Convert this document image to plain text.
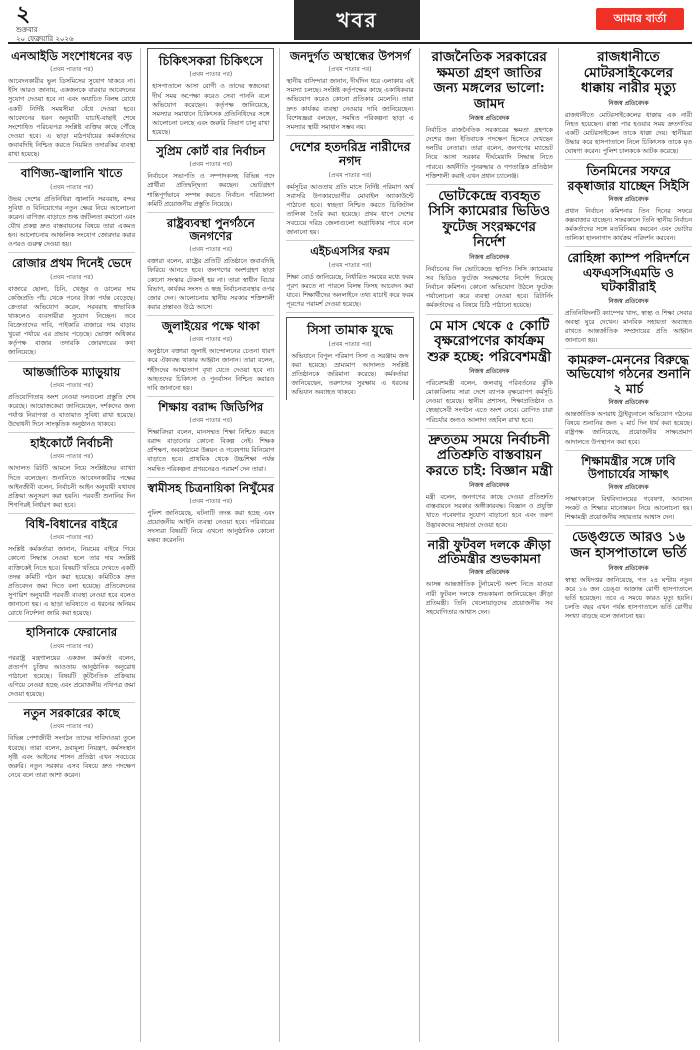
২
শুক্রবার
২০ ফেব্রুয়ারি ২০২৬
খবর	আমার বার্তা
এনআইডি সংশোধনের বড়
(প্রথম পাতার পর)
আবেদনকারীর ভুল ডিসমিসের সুযোগ থাকবে না। ইসি আরও জানায়, একজনকে বারবার আবেদনের সুযোগ দেওয়া হবে না এবং অযাচিত বিলম্ব রোধে একটি নির্দিষ্ট সময়সীমা বেঁধে দেওয়া হবে। আবেদনের ধরন অনুযায়ী যাচাই-বাছাই শেষে সংশোধিত পরিচয়পত্র সংশ্লিষ্ট ব্যক্তির কাছে পৌঁছে দেওয়া হবে। এ ছাড়া মাঠপর্যায়ের কর্মকর্তাদের জবাবদিহি নিশ্চিত করতে নিয়মিত তদারকির ব্যবস্থা রাখা হয়েছে।
বাণিজ্য-জ্বালানি খাতে
(প্রথম পাতার পর)
উভয় দেশের প্রতিনিধিরা জ্বালানি সরবরাহ, বন্দর সুবিধা ও বিনিয়োগের নতুন ক্ষেত্র নিয়ে আলোচনা করেন। বাণিজ্য বাড়াতে শুল্ক জটিলতা কমানো এবং যৌথ প্রকল্প দ্রুত বাস্তবায়নের বিষয়ে তারা একমত হন। আলোচনায় আঞ্চলিক সংযোগ জোরদার করার ওপরও গুরুত্ব দেওয়া হয়।
রোজার প্রথম দিনেই ভেদে
(প্রথম পাতার পর)
বাজারে ছোলা, চিনি, খেজুর ও ডালের দাম কেজিপ্রতি পাঁচ থেকে পনের টাকা পর্যন্ত বেড়েছে। ক্রেতারা অভিযোগ করেন, সরবরাহ স্বাভাবিক থাকলেও ব্যবসায়ীরা সুযোগ নিচ্ছেন। তবে বিক্রেতাদের দাবি, পাইকারি বাজারে দাম বাড়ায় খুচরা পর্যায়ে এর প্রভাব পড়েছে। ভোক্তা অধিকার কর্তৃপক্ষ বাজার তদারকি জোরদারের কথা জানিয়েছে।
আন্তর্জাতিক ম্যাড়ুয়ায়
(প্রথম পাতার পর)
প্রতিযোগিতায় অংশ নেওয়া দলগুলো প্রস্তুতি শেষ করেছে। আয়োজকেরা জানিয়েছেন, দর্শকদের জন্য পর্যাপ্ত নিরাপত্তা ও যাতায়াত সুবিধা রাখা হয়েছে। উদ্বোধনী দিনে সাংস্কৃতিক অনুষ্ঠানও থাকবে।
হাইকোর্টে নির্বাচনী
(প্রথম পাতার পর)
আদালত রিটটি আমলে নিয়ে সংশ্লিষ্টদের ব্যাখ্যা দিতে বলেছেন। শুনানিতে আবেদনকারীর পক্ষের আইনজীবী বলেন, নির্বাচনী আইন অনুযায়ী যথাযথ প্রক্রিয়া অনুসরণ করা হয়নি। পরবর্তী শুনানির দিন শিগগিরই নির্ধারণ করা হবে।
বিধি-বিধানের বাইরে
(প্রথম পাতার পর)
সংশ্লিষ্ট কর্মকর্তারা জানান, নিয়মের বাইরে গিয়ে কোনো সিদ্ধান্ত নেওয়া হলে তার দায় সংশ্লিষ্ট ব্যক্তিকেই নিতে হবে। বিষয়টি খতিয়ে দেখতে একটি তদন্ত কমিটি গঠন করা হয়েছে। কমিটিকে দ্রুত প্রতিবেদন জমা দিতে বলা হয়েছে। প্রতিবেদনের সুপারিশ অনুযায়ী পরবর্তী ব্যবস্থা নেওয়া হবে বলেও জানানো হয়। এ ছাড়া ভবিষ্যতে এ ধরনের অনিয়ম রোধে নির্দেশনা জারি করা হয়েছে।
হাসিনাকে ফেরানোর
(প্রথম পাতার পর)
পররাষ্ট্র মন্ত্রণালয়ের একজন কর্মকর্তা বলেন, প্রত্যর্পণ চুক্তির আওতায় আনুষ্ঠানিক অনুরোধ পাঠানো হয়েছে। বিষয়টি কূটনৈতিক প্রক্রিয়ায় এগিয়ে নেওয়া হচ্ছে এবং প্রয়োজনীয় নথিপত্র জমা দেওয়া হয়েছে।
নতুন সরকারের কাছে
(প্রথম পাতার পর)
বিভিন্ন পেশাজীবী সংগঠন তাদের দাবিদাওয়া তুলে ধরেছে। তারা বলেন, দ্রব্যমূল্য নিয়ন্ত্রণ, কর্মসংস্থান সৃষ্টি এবং আইনের শাসন প্রতিষ্ঠা এখন সবচেয়ে জরুরি। নতুন সরকার এসব বিষয়ে দ্রুত পদক্ষেপ নেবে বলে তারা আশা করেন।
চিকিৎসকরা চিকিৎসে
(প্রথম পাতার পর)
হাসপাতালে আসা রোগী ও তাদের স্বজনেরা দীর্ঘ সময় অপেক্ষা করেও সেবা পাননি বলে অভিযোগ করেছেন। কর্তৃপক্ষ জানিয়েছে, সমস্যার সমাধানে চিকিৎসক প্রতিনিধিদের সঙ্গে আলোচনা চলছে এবং জরুরি বিভাগ চালু রাখা হয়েছে।
সুপ্রিম কোর্ট বার নির্বাচন
(প্রথম পাতার পর)
নির্বাচনে সভাপতি ও সম্পাদকসহ বিভিন্ন পদে প্রার্থীরা প্রতিদ্বন্দ্বিতা করছেন। ভোটগ্রহণ শান্তিপূর্ণভাবে সম্পন্ন করতে নির্বাচন পরিচালনা কমিটি প্রয়োজনীয় প্রস্তুতি নিয়েছে।
রাষ্ট্রব্যবস্থা পুনর্গঠনে জনগণের
(প্রথম পাতার পর)
বক্তারা বলেন, রাষ্ট্রের প্রতিটি প্রতিষ্ঠানে জবাবদিহি ফিরিয়ে আনতে হবে। জনগণের অংশগ্রহণ ছাড়া কোনো সংস্কার টেকসই হয় না। তারা স্বাধীন বিচার বিভাগ, কার্যকর সংসদ ও স্বচ্ছ নির্বাচনব্যবস্থার ওপর জোর দেন। আলোচনায় স্থানীয় সরকার শক্তিশালী করার প্রস্তাবও উঠে আসে।
জুলাইয়ের পক্ষে থাকা
(প্রথম পাতার পর)
অনুষ্ঠানে বক্তারা জুলাই আন্দোলনের চেতনা ধারণ করে ঐক্যবদ্ধ থাকার আহ্বান জানান। তারা বলেন, শহীদদের আত্মত্যাগ বৃথা যেতে দেওয়া হবে না। আহতদের চিকিৎসা ও পুনর্বাসন নিশ্চিত করারও দাবি জানানো হয়।
শিক্ষায় বরাদ্দ জিডিপির
(প্রথম পাতার পর)
শিক্ষাবিদরা বলেন, মানসম্মত শিক্ষা নিশ্চিত করতে বরাদ্দ বাড়ানোর কোনো বিকল্প নেই। শিক্ষক প্রশিক্ষণ, অবকাঠামো উন্নয়ন ও গবেষণায় বিনিয়োগ বাড়াতে হবে। প্রাথমিক থেকে উচ্চশিক্ষা পর্যন্ত সমন্বিত পরিকল্পনা প্রণয়নেরও পরামর্শ দেন তারা।
স্বামীসহ চিত্রনায়িকা নিখুঁমের
(প্রথম পাতার পর)
পুলিশ জানিয়েছে, ঘটনাটি তদন্ত করা হচ্ছে এবং প্রয়োজনীয় আইনি ব্যবস্থা নেওয়া হবে। পরিবারের সদস্যরা বিষয়টি নিয়ে এখনো আনুষ্ঠানিক কোনো মন্তব্য করেননি।
জনদুর্গত অস্থান্ধের উপসর্গ
(প্রথম পাতার পর)
স্থানীয় বাসিন্দারা জানান, দীর্ঘদিন ধরে এলাকায় এই সমস্যা চলছে। সংশ্লিষ্ট কর্তৃপক্ষের কাছে একাধিকবার অভিযোগ করেও কোনো প্রতিকার মেলেনি। তারা দ্রুত কার্যকর ব্যবস্থা নেওয়ার দাবি জানিয়েছেন। বিশেষজ্ঞরা বলছেন, সমন্বিত পরিকল্পনা ছাড়া এ সমস্যার স্থায়ী সমাধান সম্ভব নয়।
দেশের হতদরিদ্র নারীদের নগদ
(প্রথম পাতার পর)
কর্মসূচির আওতায় প্রতি মাসে নির্দিষ্ট পরিমাণ অর্থ সরাসরি উপকারভোগীর মোবাইল অ্যাকাউন্টে পাঠানো হবে। স্বচ্ছতা নিশ্চিত করতে ডিজিটাল তালিকা তৈরি করা হয়েছে। প্রথম ধাপে দেশের সবচেয়ে দরিদ্র জেলাগুলো অগ্রাধিকার পাবে বলে জানানো হয়।
এইচএসসির ফরম
(প্রথম পাতার পর)
শিক্ষা বোর্ড জানিয়েছে, নির্ধারিত সময়ের মধ্যে ফরম পূরণ করতে না পারলে বিলম্ব ফিসহ আবেদন করা যাবে। শিক্ষার্থীদের অনলাইনে তথ্য যাচাই করে ফরম পূরণের পরামর্শ দেওয়া হয়েছে।
সিসা তামাক যুদ্ধে
(প্রথম পাতার পর)
অভিযানে বিপুল পরিমাণ সিসা ও সরঞ্জাম জব্দ করা হয়েছে। ভ্রাম্যমাণ আদালত সংশ্লিষ্ট প্রতিষ্ঠানকে জরিমানা করেছে। কর্মকর্তারা জানিয়েছেন, তরুণদের সুরক্ষায় এ ধরনের অভিযান অব্যাহত থাকবে।
রাজনৈতিক সরকারের ক্ষমতা গ্রহণ জাতির জন্য মঙ্গলের ভালো: জামদ
নিজস্ব প্রতিবেদক
নির্বাচিত রাজনৈতিক সরকারের ক্ষমতা গ্রহণকে দেশের জন্য ইতিবাচক পদক্ষেপ হিসেবে দেখছেন দলটির নেতারা। তারা বলেন, জনগণের ম্যান্ডেট নিয়ে আসা সরকার দীর্ঘমেয়াদি সিদ্ধান্ত নিতে পারবে। অর্থনীতি পুনরুদ্ধার ও গণতান্ত্রিক প্রতিষ্ঠান শক্তিশালী করাই এখন প্রধান চ্যালেঞ্জ।
ভোটকেন্দ্রে ব্যবহৃত সিসি ক্যামেরার ভিডিও ফুটেজ সংরক্ষণের নির্দেশ
নিজস্ব প্রতিবেদক
নির্বাচনের দিন ভোটকেন্দ্রে স্থাপিত সিসি ক্যামেরার সব ভিডিও ফুটেজ সংরক্ষণের নির্দেশ দিয়েছে নির্বাচন কমিশন। কোনো অভিযোগ উঠলে ফুটেজ পর্যালোচনা করে ব্যবস্থা নেওয়া হবে। রিটার্নিং কর্মকর্তাদের এ বিষয়ে চিঠি পাঠানো হয়েছে।
মে মাস থেকে ৫ কোটি বৃক্ষরোপণের কার্যক্রম শুরু হচ্ছে: পরিবেশমন্ত্রী
নিজস্ব প্রতিবেদক
পরিবেশমন্ত্রী বলেন, জলবায়ু পরিবর্তনের ঝুঁকি মোকাবিলায় সারা দেশে ব্যাপক বৃক্ষরোপণ কর্মসূচি নেওয়া হয়েছে। স্থানীয় প্রশাসন, শিক্ষাপ্রতিষ্ঠান ও স্বেচ্ছাসেবী সংগঠন এতে অংশ নেবে। রোপিত চারা পরিচর্যার জন্যও আলাদা তহবিল রাখা হবে।
দ্রুততম সময়ে নির্বাচনী প্রতিশ্রুতি বাস্তবায়ন করতে চাই: বিজ্ঞান মন্ত্রী
নিজস্ব প্রতিবেদক
মন্ত্রী বলেন, জনগণের কাছে দেওয়া প্রতিশ্রুতি বাস্তবায়নে সরকার অঙ্গীকারবদ্ধ। বিজ্ঞান ও প্রযুক্তি খাতে গবেষণার সুযোগ বাড়ানো হবে এবং তরুণ উদ্ভাবকদের সহায়তা দেওয়া হবে।
নারী ফুটবল দলকে ক্রীড়া প্রতিমন্ত্রীর শুভকামনা
নিজস্ব প্রতিবেদক
আসন্ন আন্তর্জাতিক টুর্নামেন্টে অংশ নিতে যাওয়া নারী ফুটবল দলকে শুভকামনা জানিয়েছেন ক্রীড়া প্রতিমন্ত্রী। তিনি খেলোয়াড়দের প্রয়োজনীয় সব সহযোগিতার আশ্বাস দেন।
রাজধানীতে মোটরসাইকেলের ধাক্কায় নারীর মৃত্যু
নিজস্ব প্রতিবেদক
রাজধানীতে মোটরসাইকেলের ধাক্কায় এক নারী নিহত হয়েছেন। রাস্তা পার হওয়ার সময় দ্রুতগতির একটি মোটরসাইকেল তাকে ধাক্কা দেয়। স্থানীয়রা উদ্ধার করে হাসপাতালে নিলে চিকিৎসক তাকে মৃত ঘোষণা করেন। পুলিশ চালককে আটক করেছে।
তিনমিনের সফরে রক্ষ্বাজার যাচ্ছেন সিইসি
নিজস্ব প্রতিবেদক
প্রধান নির্বাচন কমিশনার তিন দিনের সফরে কক্সবাজার যাচ্ছেন। সফরকালে তিনি স্থানীয় নির্বাচন কর্মকর্তাদের সঙ্গে মতবিনিময় করবেন এবং ভোটার তালিকা হালনাগাদ কার্যক্রম পরিদর্শন করবেন।
রোহিঙ্গা ক্যাম্প পরিদর্শনে এফএসসিএমডি ও ঘটকারীরাই
নিজস্ব প্রতিবেদক
প্রতিনিধিদলটি ক্যাম্পের খাদ্য, স্বাস্থ্য ও শিক্ষা সেবার অবস্থা ঘুরে দেখেন। মানবিক সহায়তা অব্যাহত রাখতে আন্তর্জাতিক সম্প্রদায়ের প্রতি আহ্বান জানানো হয়।
কামরুল-মেননের বিরুদ্ধে অভিযোগ গঠনের শুনানি ২ মার্চ
নিজস্ব প্রতিবেদক
আন্তর্জাতিক অপরাধ ট্রাইব্যুনালে অভিযোগ গঠনের বিষয়ে শুনানির জন্য ২ মার্চ দিন ধার্য করা হয়েছে। রাষ্ট্রপক্ষ জানিয়েছে, প্রয়োজনীয় সাক্ষ্যপ্রমাণ আদালতে উপস্থাপন করা হবে।
শিক্ষামন্ত্রীর সঙ্গে ঢাবি উপাচার্যের সাক্ষাৎ
নিজস্ব প্রতিবেদক
সাক্ষাৎকালে বিশ্ববিদ্যালয়ের গবেষণা, আবাসন সংকট ও শিক্ষার মানোন্নয়ন নিয়ে আলোচনা হয়। শিক্ষামন্ত্রী প্রয়োজনীয় সহায়তার আশ্বাস দেন।
ডেঙ্গুতে আরও ১৬ জন হাসপাতালে ভর্তি
নিজস্ব প্রতিবেদক
স্বাস্থ্য অধিদপ্তর জানিয়েছে, গত ২৪ ঘণ্টায় নতুন করে ১৬ জন ডেঙ্গু আক্রান্ত রোগী হাসপাতালে ভর্তি হয়েছেন। তবে এ সময়ে কারও মৃত্যু হয়নি। চলতি বছর এখন পর্যন্ত হাসপাতালে ভর্তি রোগীর সংখ্যা বাড়ছে বলে জানানো হয়।
